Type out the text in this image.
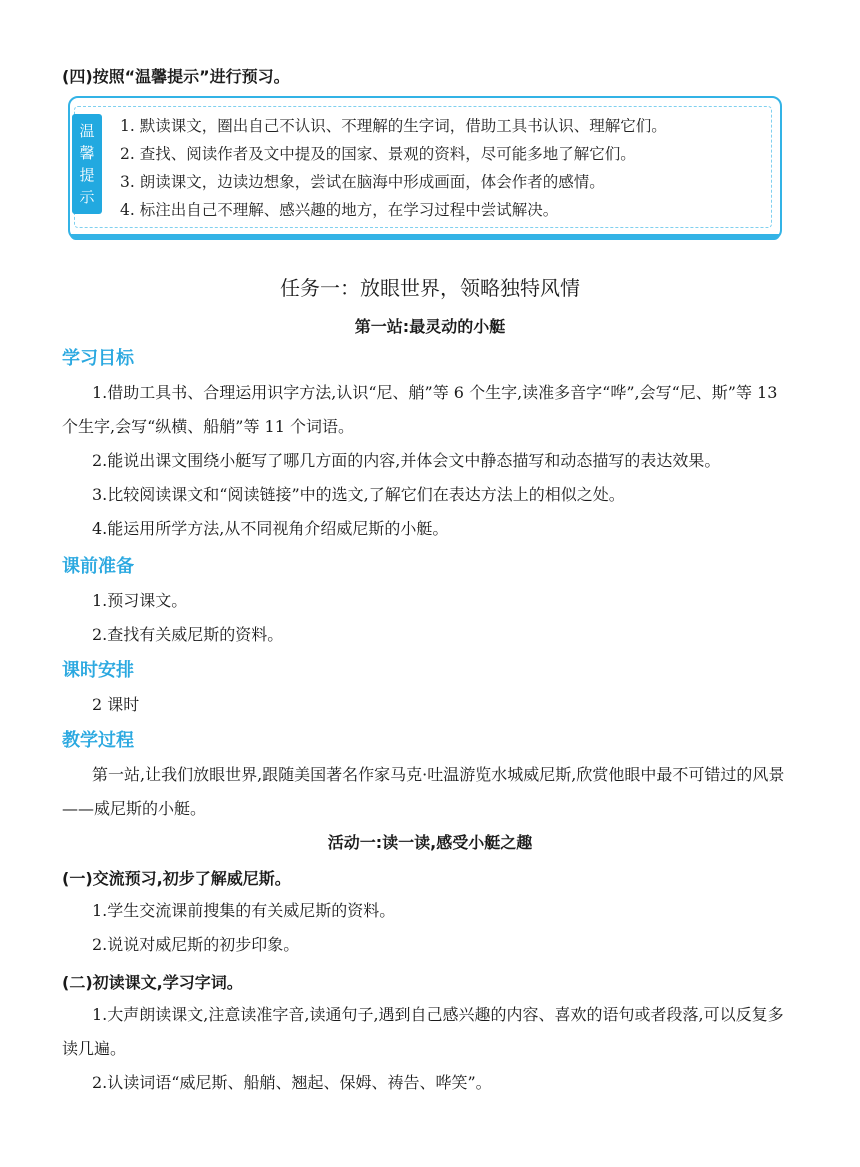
(四)按照“温馨提示”进行预习。
温
馨
提
示
1. 默读课文，圈出自己不认识、不理解的生字词，借助工具书认识、理解它们。
2. 查找、阅读作者及文中提及的国家、景观的资料，尽可能多地了解它们。
3. 朗读课文，边读边想象，尝试在脑海中形成画面，体会作者的感情。
4. 标注出自己不理解、感兴趣的地方，在学习过程中尝试解决。
任务一：放眼世界，领略独特风情
第一站:最灵动的小艇
学习目标
1.借助工具书、合理运用识字方法,认识“尼、艄”等 6 个生字,读准多音字“哗”,会写“尼、斯”等 13 个生字,会写“纵横、船艄”等 11 个词语。
2.能说出课文围绕小艇写了哪几方面的内容,并体会文中静态描写和动态描写的表达效果。
3.比较阅读课文和“阅读链接”中的选文,了解它们在表达方法上的相似之处。
4.能运用所学方法,从不同视角介绍威尼斯的小艇。
课前准备
1.预习课文。
2.查找有关威尼斯的资料。
课时安排
2 课时
教学过程
第一站,让我们放眼世界,跟随美国著名作家马克·吐温游览水城威尼斯,欣赏他眼中最不可错过的风景——威尼斯的小艇。
活动一:读一读,感受小艇之趣
(一)交流预习,初步了解威尼斯。
1.学生交流课前搜集的有关威尼斯的资料。
2.说说对威尼斯的初步印象。
(二)初读课文,学习字词。
1.大声朗读课文,注意读准字音,读通句子,遇到自己感兴趣的内容、喜欢的语句或者段落,可以反复多读几遍。
2.认读词语“威尼斯、船艄、翘起、保姆、祷告、哗笑”。
